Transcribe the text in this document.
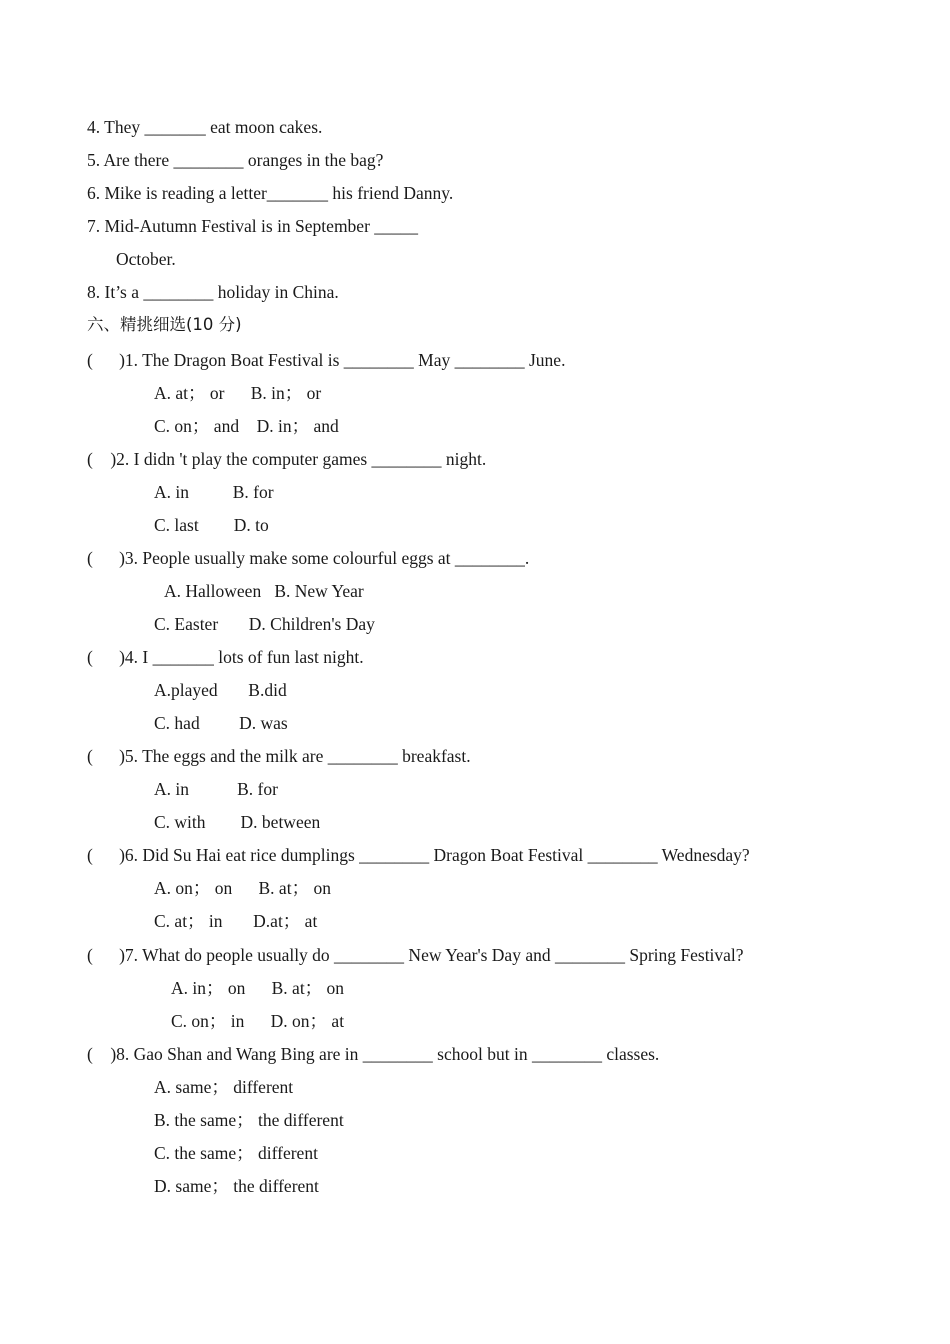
4. They _______ eat moon cakes.
5. Are there ________ oranges in the bag?
6. Mike is reading a letter_______ his friend Danny.
7. Mid-Autumn Festival is in September _____
October.
8. It’s a ________ holiday in China.
六、精挑细选(10 分)
(      )1. The Dragon Boat Festival is ________ May ________ June.
A. at； or      B. in； or
C. on； and    D. in； and
(    )2. I didn 't play the computer games ________ night.
A. in          B. for
C. last        D. to
(      )3. People usually make some colourful eggs at ________.
A. Halloween   B. New Year
C. Easter       D. Children's Day
(      )4. I _______ lots of fun last night.
A.played       B.did
C. had         D. was
(      )5. The eggs and the milk are ________ breakfast.
A. in           B. for
C. with        D. between
(      )6. Did Su Hai eat rice dumplings ________ Dragon Boat Festival ________ Wednesday?
A. on； on      B. at； on
C. at； in       D.at； at
(      )7. What do people usually do ________ New Year's Day and ________ Spring Festival?
A. in； on      B. at； on
C. on； in      D. on； at
(    )8. Gao Shan and Wang Bing are in ________ school but in ________ classes.
A. same； different
B. the same； the different
C. the same； different
D. same； the different
